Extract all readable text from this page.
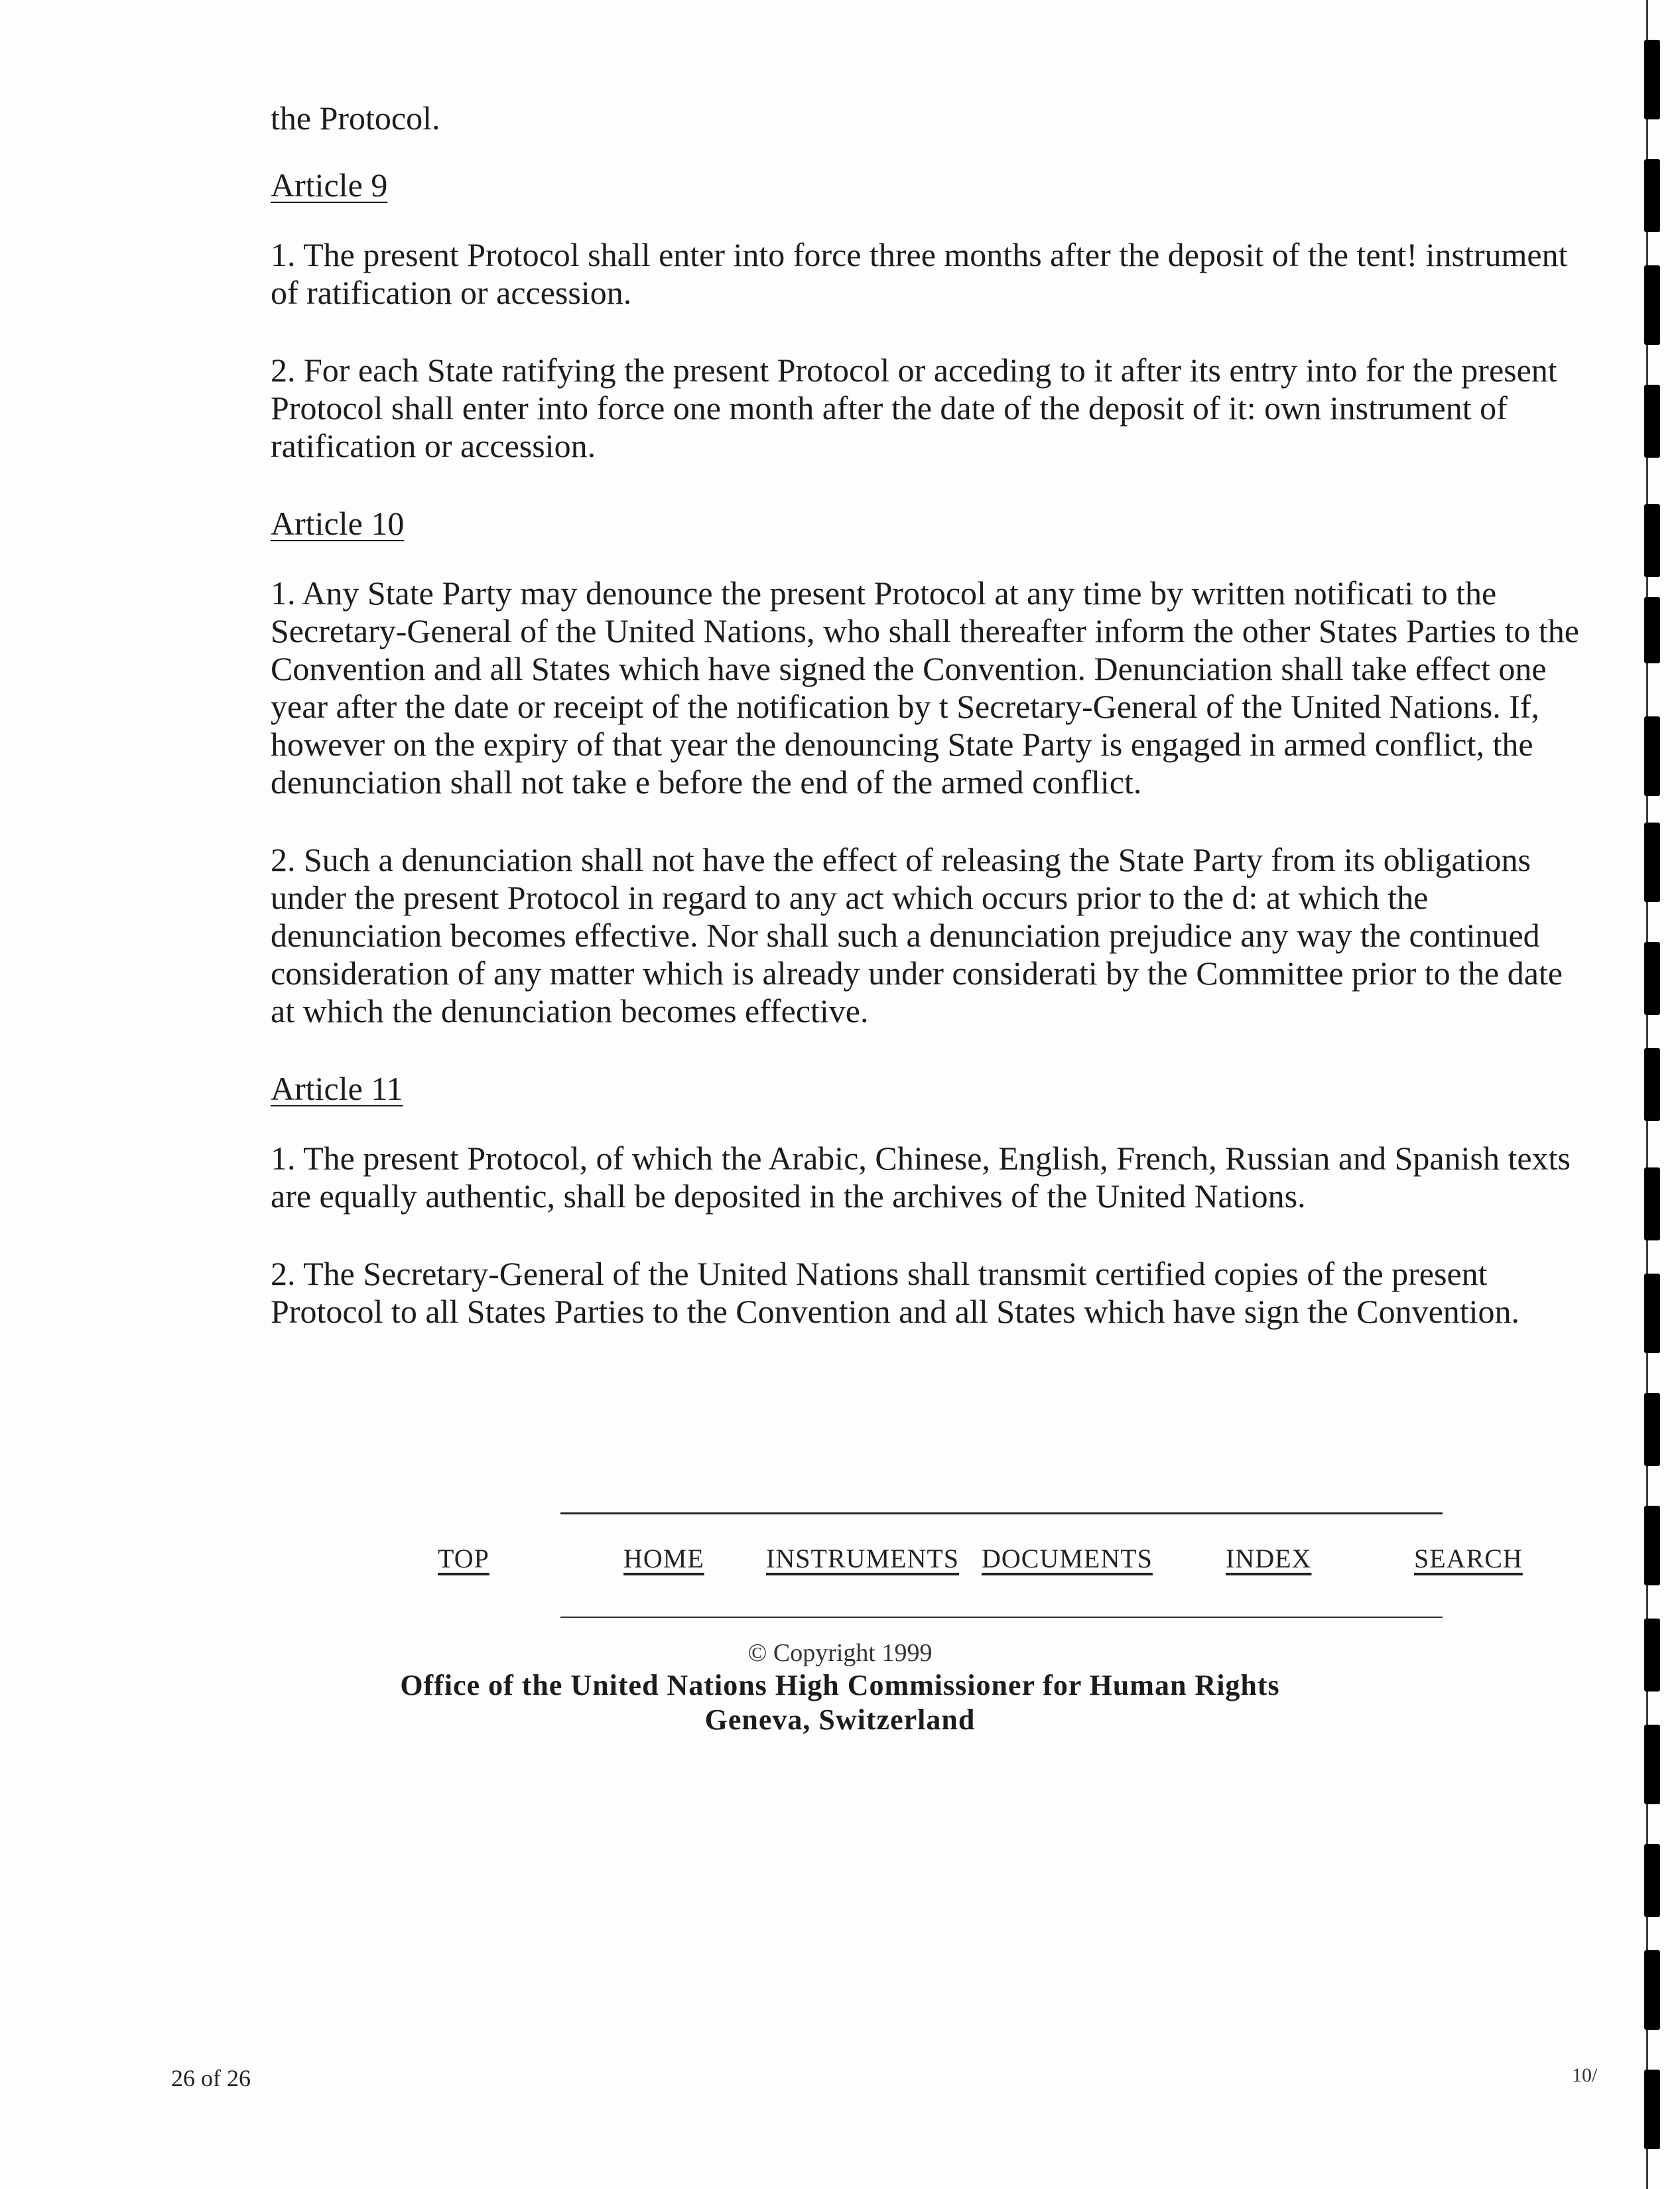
the Protocol.

Article 9

1. The present Protocol shall enter into force three months after the deposit of the tent! instrument of ratification or accession.

2. For each State ratifying the present Protocol or acceding to it after its entry into for the present Protocol shall enter into force one month after the date of the deposit of it: own instrument of ratification or accession.

Article 10

1. Any State Party may denounce the present Protocol at any time by written notificati to the Secretary-General of the United Nations, who shall thereafter inform the other States Parties to the Convention and all States which have signed the Convention. Denunciation shall take effect one year after the date or receipt of the notification by t Secretary-General of the United Nations. If, however on the expiry of that year the denouncing State Party is engaged in armed conflict, the denunciation shall not take e before the end of the armed conflict.

2. Such a denunciation shall not have the effect of releasing the State Party from its obligations under the present Protocol in regard to any act which occurs prior to the d: at which the denunciation becomes effective. Nor shall such a denunciation prejudice any way the continued consideration of any matter which is already under considerati by the Committee prior to the date at which the denunciation becomes effective.

Article 11

1. The present Protocol, of which the Arabic, Chinese, English, French, Russian and Spanish texts are equally authentic, shall be deposited in the archives of the United Nations.

2. The Secretary-General of the United Nations shall transmit certified copies of the present Protocol to all States Parties to the Convention and all States which have sign the Convention.

TOP	HOME INSTRUMENTS DOCUMENTS	INDEX	SEARCH
© Copyright 1999
Office of the United Nations High Commissioner for Human Rights
Geneva, Switzerland
26 of 26	10/
